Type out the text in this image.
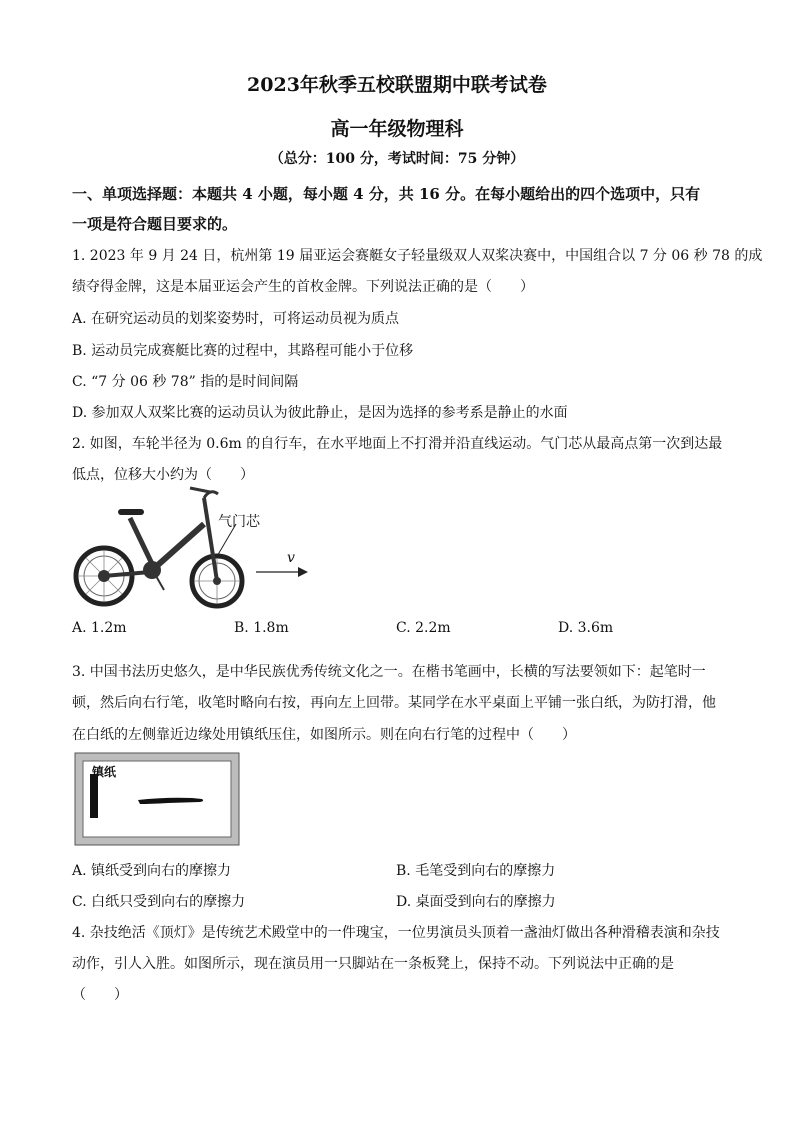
2023年秋季五校联盟期中联考试卷
高一年级物理科
（总分：100 分，考试时间：75 分钟）
一、单项选择题：本题共 4 小题，每小题 4 分，共 16 分。在每小题给出的四个选项中，只有
一项是符合题目要求的。
1. 2023 年 9 月 24 日，杭州第 19 届亚运会赛艇女子轻量级双人双桨决赛中，中国组合以 7 分 06 秒 78 的成
绩夺得金牌，这是本届亚运会产生的首枚金牌。下列说法正确的是（　　）
A. 在研究运动员的划桨姿势时，可将运动员视为质点
B. 运动员完成赛艇比赛的过程中，其路程可能小于位移
C. “7 分 06 秒 78” 指的是时间间隔
D. 参加双人双桨比赛的运动员认为彼此静止，是因为选择的参考系是静止的水面
2. 如图，车轮半径为 0.6m 的自行车，在水平地面上不打滑并沿直线运动。气门芯从最高点第一次到达最
低点，位移大小约为（　　）
气门芯
v
A. 1.2m	B. 1.8m	C. 2.2m	D. 3.6m
3. 中国书法历史悠久，是中华民族优秀传统文化之一。在楷书笔画中，长横的写法要领如下：起笔时一
顿，然后向右行笔，收笔时略向右按，再向左上回带。某同学在水平桌面上平铺一张白纸，为防打滑，他
在白纸的左侧靠近边缘处用镇纸压住，如图所示。则在向右行笔的过程中（　　）
镇纸
A. 镇纸受到向右的摩擦力	B. 毛笔受到向右的摩擦力
C. 白纸只受到向右的摩擦力	D. 桌面受到向右的摩擦力
4. 杂技绝活《顶灯》是传统艺术殿堂中的一件瑰宝，一位男演员头顶着一盏油灯做出各种滑稽表演和杂技
动作，引人入胜。如图所示，现在演员用一只脚站在一条板凳上，保持不动。下列说法中正确的是
（　　）
